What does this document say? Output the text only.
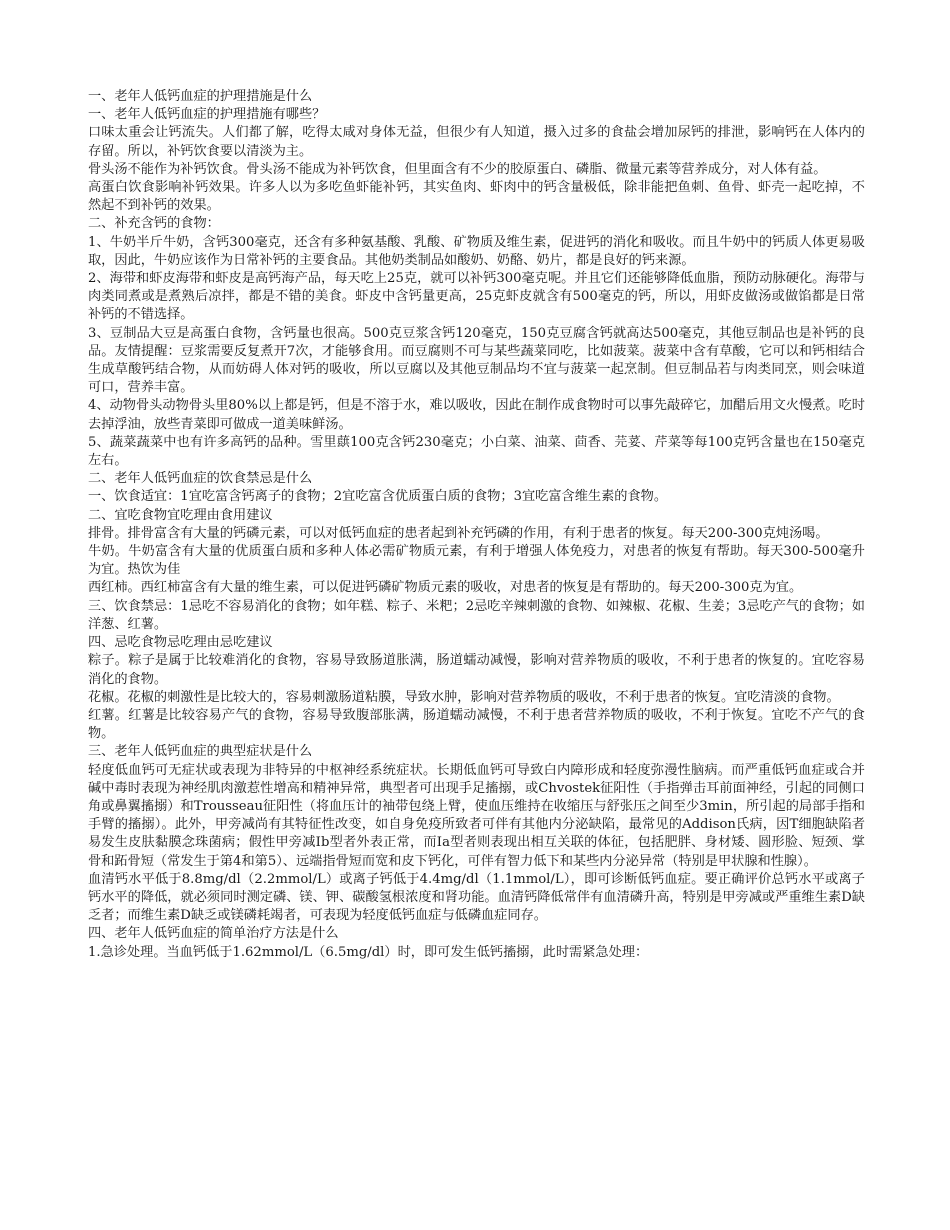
一、老年人低钙血症的护理措施是什么

一、老年人低钙血症的护理措施有哪些？

口味太重会让钙流失。人们都了解，吃得太咸对身体无益，但很少有人知道，摄入过多的食盐会增加尿钙的排泄，影响钙在人体内的存留。所以，补钙饮食要以清淡为主。

骨头汤不能作为补钙饮食。骨头汤不能成为补钙饮食，但里面含有不少的胶原蛋白、磷脂、微量元素等营养成分，对人体有益。

高蛋白饮食影响补钙效果。许多人以为多吃鱼虾能补钙，其实鱼肉、虾肉中的钙含量极低，除非能把鱼刺、鱼骨、虾壳一起吃掉，不然起不到补钙的效果。

二、补充含钙的食物：

1、牛奶半斤牛奶，含钙300毫克，还含有多种氨基酸、乳酸、矿物质及维生素，促进钙的消化和吸收。而且牛奶中的钙质人体更易吸取，因此，牛奶应该作为日常补钙的主要食品。其他奶类制品如酸奶、奶酪、奶片，都是良好的钙来源。

2、海带和虾皮海带和虾皮是高钙海产品，每天吃上25克，就可以补钙300毫克呢。并且它们还能够降低血脂，预防动脉硬化。海带与肉类同煮或是煮熟后凉拌，都是不错的美食。虾皮中含钙量更高，25克虾皮就含有500毫克的钙，所以，用虾皮做汤或做馅都是日常补钙的不错选择。

3、豆制品大豆是高蛋白食物，含钙量也很高。500克豆浆含钙120毫克，150克豆腐含钙就高达500毫克，其他豆制品也是补钙的良品。友情提醒：豆浆需要反复煮开7次，才能够食用。而豆腐则不可与某些蔬菜同吃，比如菠菜。菠菜中含有草酸，它可以和钙相结合生成草酸钙结合物，从而妨碍人体对钙的吸收，所以豆腐以及其他豆制品均不宜与菠菜一起烹制。但豆制品若与肉类同烹，则会味道可口，营养丰富。

4、动物骨头动物骨头里80%以上都是钙，但是不溶于水，难以吸收，因此在制作成食物时可以事先敲碎它，加醋后用文火慢煮。吃时去掉浮油，放些青菜即可做成一道美味鲜汤。

5、蔬菜蔬菜中也有许多高钙的品种。雪里蕻100克含钙230毫克；小白菜、油菜、茴香、芫荽、芹菜等每100克钙含量也在150毫克左右。

二、老年人低钙血症的饮食禁忌是什么

一、饮食适宜：1宜吃富含钙离子的食物；2宜吃富含优质蛋白质的食物；3宜吃富含维生素的食物。

二、宜吃食物宜吃理由食用建议

排骨。排骨富含有大量的钙磷元素，可以对低钙血症的患者起到补充钙磷的作用，有利于患者的恢复。每天200-300克炖汤喝。

牛奶。牛奶富含有大量的优质蛋白质和多种人体必需矿物质元素，有利于增强人体免疫力，对患者的恢复有帮助。每天300-500毫升为宜。热饮为佳

西红柿。西红柿富含有大量的维生素，可以促进钙磷矿物质元素的吸收，对患者的恢复是有帮助的。每天200-300克为宜。

三、饮食禁忌：1忌吃不容易消化的食物；如年糕、粽子、米粑；2忌吃辛辣刺激的食物、如辣椒、花椒、生姜；3忌吃产气的食物；如洋葱、红薯。

四、忌吃食物忌吃理由忌吃建议

粽子。粽子是属于比较难消化的食物，容易导致肠道胀满，肠道蠕动减慢，影响对营养物质的吸收，不利于患者的恢复的。宜吃容易消化的食物。

花椒。花椒的刺激性是比较大的，容易刺激肠道粘膜，导致水肿，影响对营养物质的吸收，不利于患者的恢复。宜吃清淡的食物。

红薯。红薯是比较容易产气的食物，容易导致腹部胀满，肠道蠕动减慢，不利于患者营养物质的吸收，不利于恢复。宜吃不产气的食物。

三、老年人低钙血症的典型症状是什么

轻度低血钙可无症状或表现为非特异的中枢神经系统症状。长期低血钙可导致白内障形成和轻度弥漫性脑病。而严重低钙血症或合并碱中毒时表现为神经肌肉激惹性增高和精神异常，典型者可出现手足搐搦，或Chvostek征阳性（手指弹击耳前面神经，引起的同侧口角或鼻翼搐搦）和Trousseau征阳性（将血压计的袖带包绕上臂，使血压维持在收缩压与舒张压之间至少3min，所引起的局部手指和手臂的搐搦）。此外，甲旁减尚有其特征性改变，如自身免疫所致者可伴有其他内分泌缺陷，最常见的Addison氏病，因T细胞缺陷者易发生皮肤黏膜念珠菌病；假性甲旁减Ⅰb型者外表正常，而Ⅰa型者则表现出相互关联的体征，包括肥胖、身材矮、圆形脸、短颈、掌骨和跖骨短（常发生于第4和第5）、远端指骨短而宽和皮下钙化，可伴有智力低下和某些内分泌异常（特别是甲状腺和性腺）。

血清钙水平低于8.8mg/dl（2.2mmol/L）或离子钙低于4.4mg/dl（1.1mmol/L），即可诊断低钙血症。要正确评价总钙水平或离子钙水平的降低，就必须同时测定磷、镁、钾、碳酸氢根浓度和肾功能。血清钙降低常伴有血清磷升高，特别是甲旁减或严重维生素D缺乏者；而维生素D缺乏或镁磷耗竭者，可表现为轻度低钙血症与低磷血症同存。

四、老年人低钙血症的简单治疗方法是什么

1.急诊处理。当血钙低于1.62mmol/L（6.5mg/dl）时，即可发生低钙搐搦，此时需紧急处理：
